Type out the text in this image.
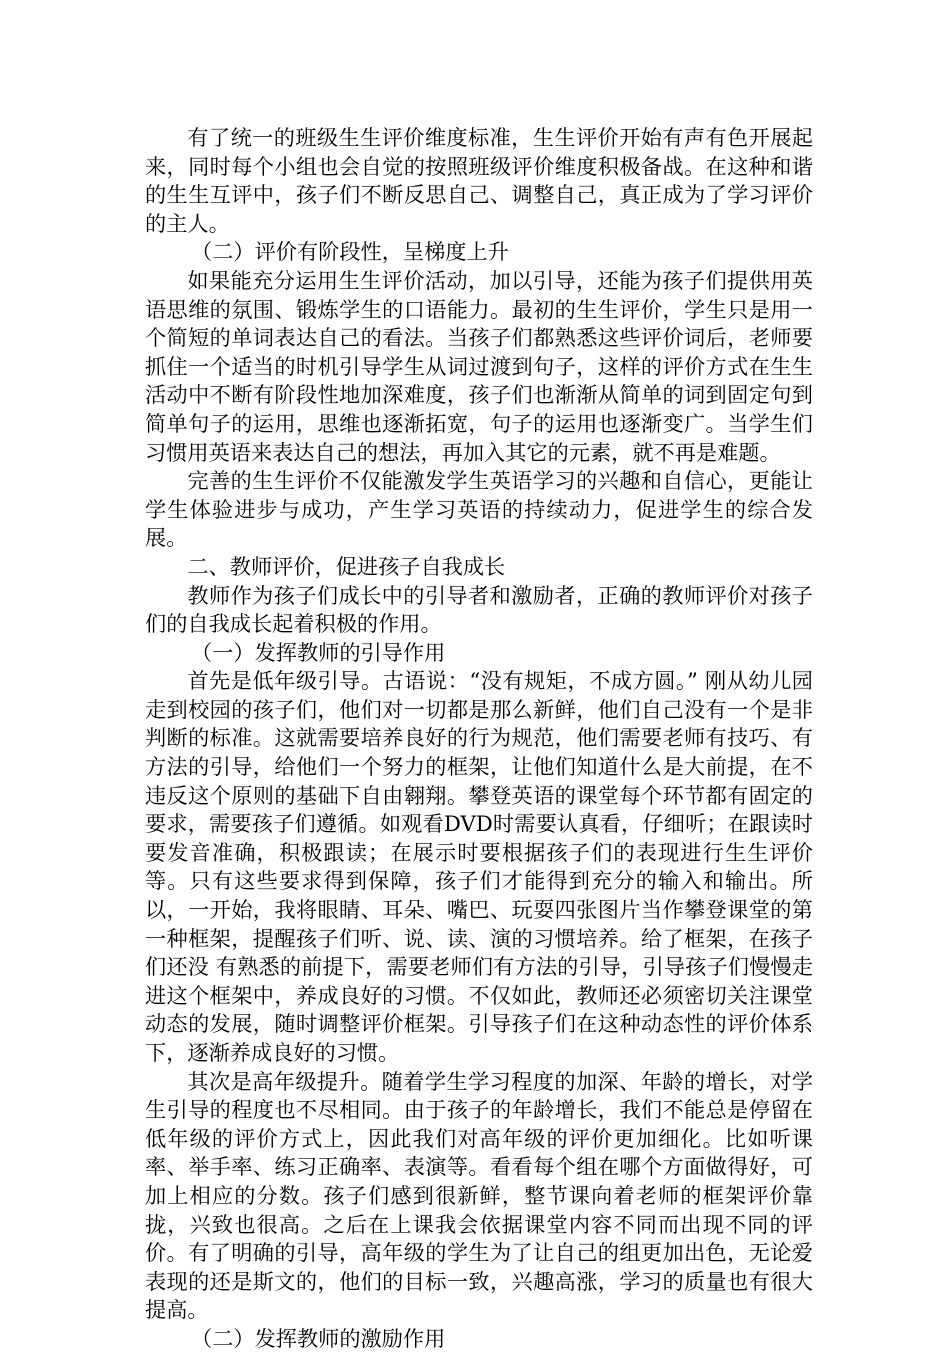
有了统一的班级生生评价维度标准，生生评价开始有声有色开展起来，同时每个小组也会自觉的按照班级评价维度积极备战。在这种和谐的生生互评中，孩子们不断反思自己、调整自己，真正成为了学习评价的主人。

（二）评价有阶段性，呈梯度上升

如果能充分运用生生评价活动，加以引导，还能为孩子们提供用英语思维的氛围、锻炼学生的口语能力。最初的生生评价，学生只是用一个简短的单词表达自己的看法。当孩子们都熟悉这些评价词后，老师要抓住一个适当的时机引导学生从词过渡到句子，这样的评价方式在生生活动中不断有阶段性地加深难度，孩子们也渐渐从简单的词到固定句到简单句子的运用，思维也逐渐拓宽，句子的运用也逐渐变广。当学生们习惯用英语来表达自己的想法，再加入其它的元素，就不再是难题。

完善的生生评价不仅能激发学生英语学习的兴趣和自信心，更能让学生体验进步与成功，产生学习英语的持续动力，促进学生的综合发展。

二、教师评价，促进孩子自我成长

教师作为孩子们成长中的引导者和激励者，正确的教师评价对孩子们的自我成长起着积极的作用。

（一）发挥教师的引导作用

首先是低年级引导。古语说：“没有规矩，不成方圆。” 刚从幼儿园走到校园的孩子们，他们对一切都是那么新鲜，他们自己没有一个是非判断的标准。这就需要培养良好的行为规范，他们需要老师有技巧、有方法的引导，给他们一个努力的框架，让他们知道什么是大前提，在不违反这个原则的基础下自由翱翔。攀登英语的课堂每个环节都有固定的要求，需要孩子们遵循。如观看DVD时需要认真看，仔细听；在跟读时要发音准确，积极跟读；在展示时要根据孩子们的表现进行生生评价等。只有这些要求得到保障，孩子们才能得到充分的输入和输出。所以，一开始，我将眼睛、耳朵、嘴巴、玩耍四张图片当作攀登课堂的第一种框架，提醒孩子们听、说、读、演的习惯培养。给了框架，在孩子们还没 有熟悉的前提下，需要老师们有方法的引导，引导孩子们慢慢走进这个框架中，养成良好的习惯。不仅如此，教师还必须密切关注课堂动态的发展，随时调整评价框架。引导孩子们在这种动态性的评价体系下，逐渐养成良好的习惯。

其次是高年级提升。随着学生学习程度的加深、年龄的增长，对学生引导的程度也不尽相同。由于孩子的年龄增长，我们不能总是停留在低年级的评价方式上，因此我们对高年级的评价更加细化。比如听课率、举手率、练习正确率、表演等。看看每个组在哪个方面做得好，可加上相应的分数。孩子们感到很新鲜，整节课向着老师的框架评价靠拢，兴致也很高。之后在上课我会依据课堂内容不同而出现不同的评价。有了明确的引导，高年级的学生为了让自己的组更加出色，无论爱表现的还是斯文的，他们的目标一致，兴趣高涨，学习的质量也有很大提高。

（二）发挥教师的激励作用
